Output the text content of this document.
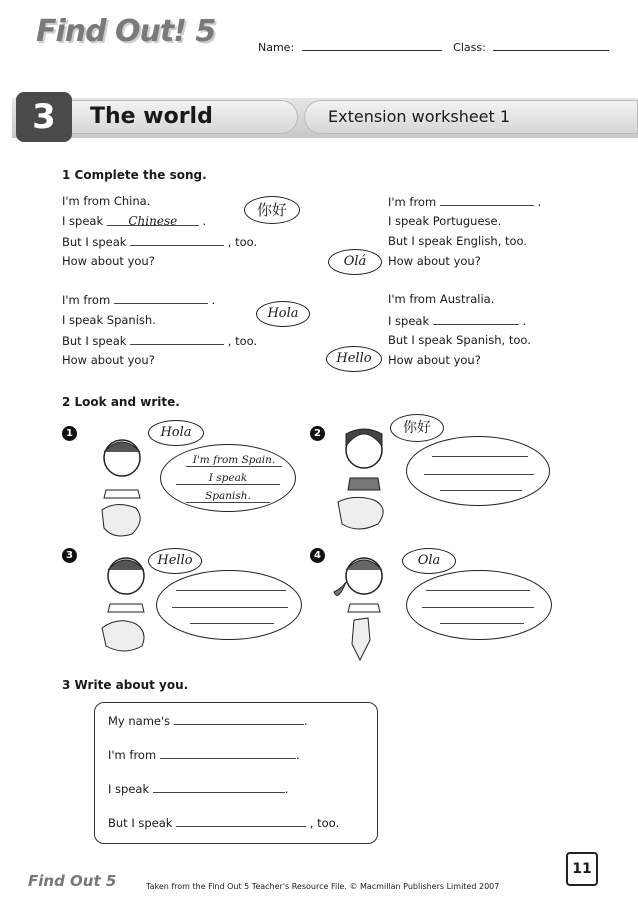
Find Out! 5	Name:	Class:
3	The world	Extension worksheet 1
1 Complete the song.
I'm from China.
I speak Chinese .
But I speak	, too.
How about you?
I'm from	.
I speak Portuguese.
But I speak English, too.
How about you?
I'm from	.
I speak Spanish.
But I speak	, too.
How about you?
I'm from Australia.
I speak	.
But I speak Spanish, too.
How about you?
你好
Olá
Hola
Hello
2 Look and write.
1	Hola
I'm from Spain.
I speak
Spanish.
2	你好
3	Hello	4	Ola
3 Write about you.
My name's	.
I'm from	.
I speak	.
But I speak	, too.
Find Out 5	Taken from the Find Out 5 Teacher's Resource File. © Macmillan Publishers Limited 2007
11
